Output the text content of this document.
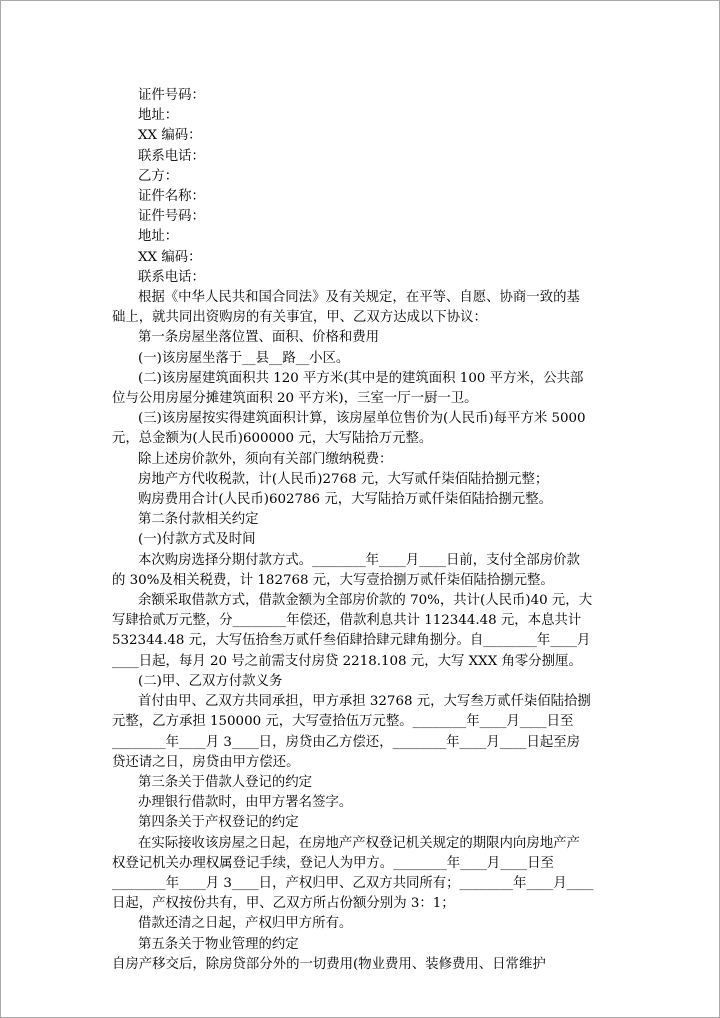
证件号码：
地址：
XX 编码：
联系电话：
乙方：
证件名称：
证件号码：
地址：
XX 编码：
联系电话：
根据《中华人民共和国合同法》及有关规定，在平等、自愿、协商一致的基
础上，就共同出资购房的有关事宜，甲、乙双方达成以下协议：
第一条房屋坐落位置、面积、价格和费用
(一)该房屋坐落于__县__路__小区。
(二)该房屋建筑面积共 120 平方米(其中是的建筑面积 100 平方米，公共部
位与公用房屋分摊建筑面积 20 平方米)，三室一厅一厨一卫。
(三)该房屋按实得建筑面积计算，该房屋单位售价为(人民币)每平方米 5000
元，总金额为(人民币)600000 元，大写陆拾万元整。
除上述房价款外，须向有关部门缴纳税费：
房地产方代收税款，计(人民币)2768 元，大写贰仟柒佰陆拾捌元整；
购房费用合计(人民币)602786 元，大写陆拾万贰仟柒佰陆拾捌元整。
第二条付款相关约定
(一)付款方式及时间
本次购房选择分期付款方式。________年____月____日前，支付全部房价款
的 30%及相关税费，计 182768 元，大写壹拾捌万贰仟柒佰陆拾捌元整。
余额采取借款方式，借款金额为全部房价款的 70%，共计(人民币)40 元，大
写肆拾贰万元整，分________年偿还，借款利息共计 112344.48 元，本息共计
532344.48 元，大写伍拾叁万贰仟叁佰肆拾肆元肆角捌分。自________年____月
____日起，每月 20 号之前需支付房贷 2218.108 元，大写 XXX 角零分捌厘。
(二)甲、乙双方付款义务
首付由甲、乙双方共同承担，甲方承担 32768 元，大写叁万贰仟柒佰陆拾捌
元整，乙方承担 150000 元，大写壹拾伍万元整。________年____月____日至
________年____月 3____日，房贷由乙方偿还，________年____月____日起至房
贷还请之日，房贷由甲方偿还。
第三条关于借款人登记的约定
办理银行借款时，由甲方署名签字。
第四条关于产权登记的约定
在实际接收该房屋之日起，在房地产产权登记机关规定的期限内向房地产产
权登记机关办理权属登记手续，登记人为甲方。________年____月____日至
________年____月 3____日，产权归甲、乙双方共同所有；________年____月____
日起，产权按份共有，甲、乙双方所占份额分别为 3：1；
借款还清之日起，产权归甲方所有。
第五条关于物业管理的约定
自房产移交后，除房贷部分外的一切费用(物业费用、装修费用、日常维护
